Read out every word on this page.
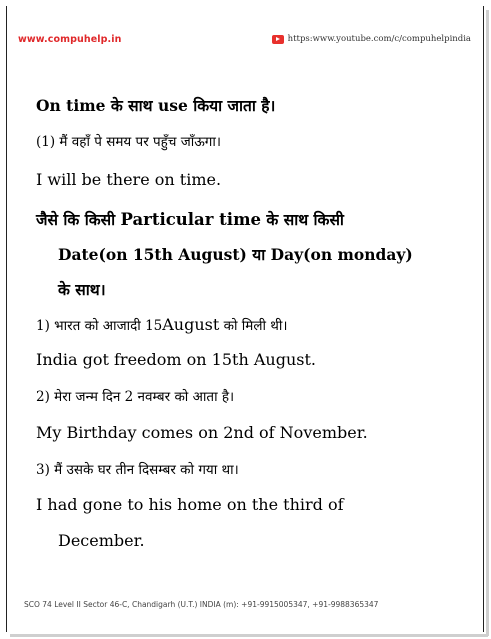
www.compuhelp.in	https:www.youtube.com/c/compuhelpindia
On time के साथ use किया जाता है।
(1) मैं वहाँ पे समय पर पहुँच जाँऊगा।
I will be there on time.
जैसे कि किसी Particular time के साथ किसी
Date(on 15th August) या Day(on monday)
के साथ।
1) भारत को आजादी 15August को मिली थी।
India got freedom on 15th August.
2) मेरा जन्म दिन 2 नवम्बर को आता है।
My Birthday comes on 2nd of November.
3) मैं उसके घर तीन दिसम्बर को गया था।
I had gone to his home on the third of
December.
SCO 74 Level II Sector 46-C, Chandigarh (U.T.) INDIA (m): +91-9915005347, +91-9988365347
